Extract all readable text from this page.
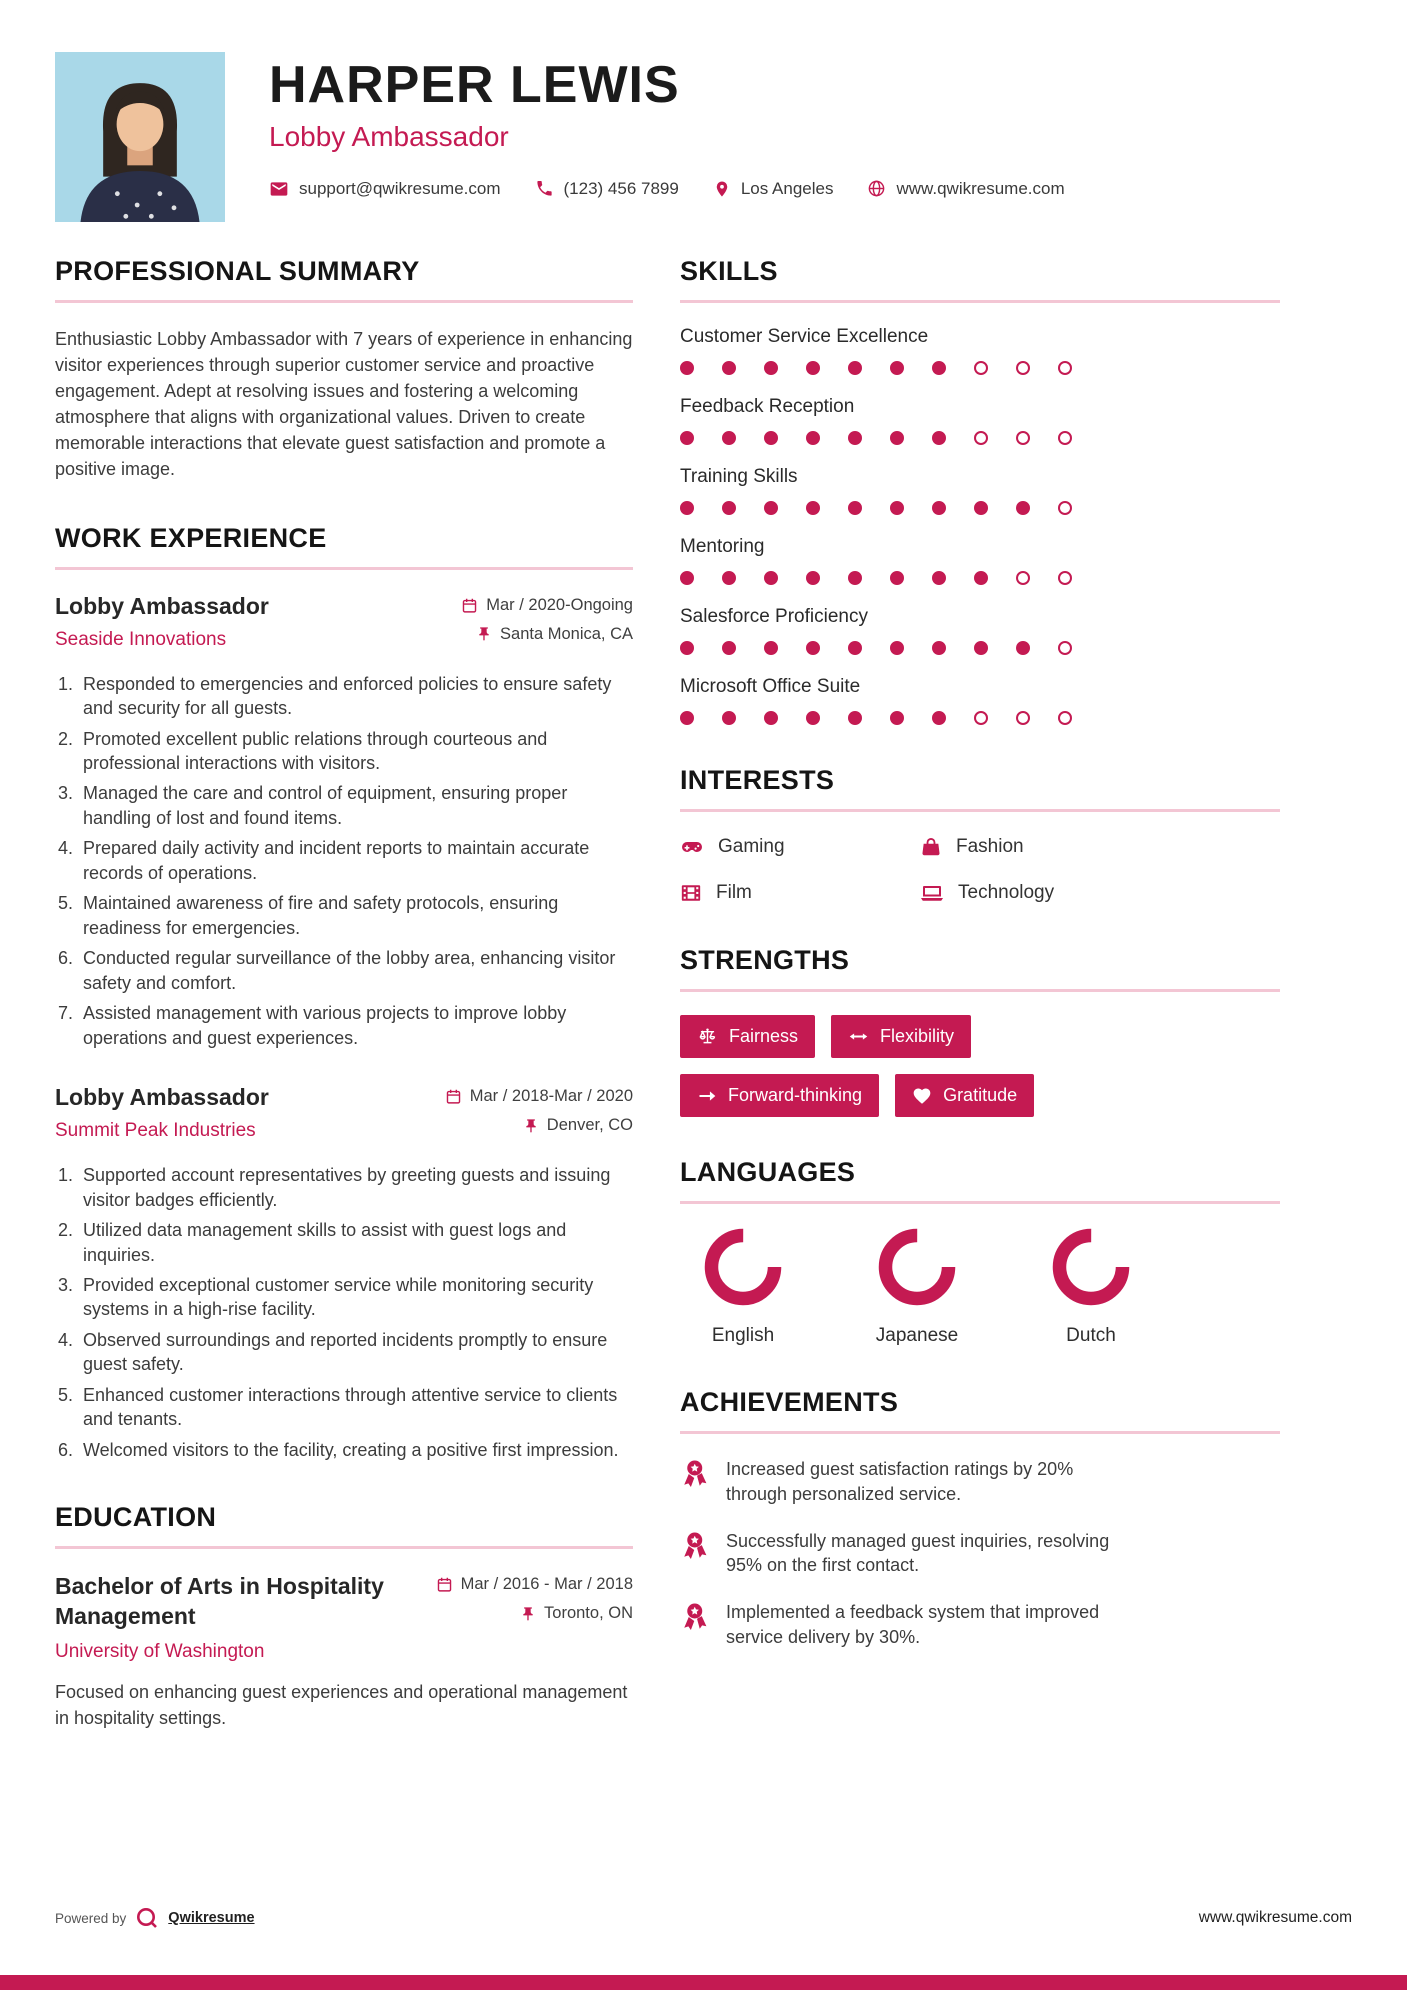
HARPER LEWIS
Lobby Ambassador
support@qwikresume.com	(123) 456 7899	Los Angeles	www.qwikresume.com
PROFESSIONAL SUMMARY

Enthusiastic Lobby Ambassador with 7 years of experience in enhancing visitor experiences through superior customer service and proactive engagement. Adept at resolving issues and fostering a welcoming atmosphere that aligns with organizational values. Driven to create memorable interactions that elevate guest satisfaction and promote a positive image.

WORK EXPERIENCE
Lobby Ambassador
Seaside Innovations
Mar / 2020-Ongoing
Santa Monica, CA
1. Responded to emergencies and enforced policies to ensure safety and security for all guests.
2. Promoted excellent public relations through courteous and professional interactions with visitors.
3. Managed the care and control of equipment, ensuring proper handling of lost and found items.
4. Prepared daily activity and incident reports to maintain accurate records of operations.
5. Maintained awareness of fire and safety protocols, ensuring readiness for emergencies.
6. Conducted regular surveillance of the lobby area, enhancing visitor safety and comfort.
7. Assisted management with various projects to improve lobby operations and guest experiences.
Lobby Ambassador
Summit Peak Industries
Mar / 2018-Mar / 2020
Denver, CO
1. Supported account representatives by greeting guests and issuing visitor badges efficiently.
2. Utilized data management skills to assist with guest logs and inquiries.
3. Provided exceptional customer service while monitoring security systems in a high-rise facility.
4. Observed surroundings and reported incidents promptly to ensure guest safety.
5. Enhanced customer interactions through attentive service to clients and tenants.
6. Welcomed visitors to the facility, creating a positive first impression.
EDUCATION
Bachelor of Arts in Hospitality Management
University of Washington
Mar / 2016 - Mar / 2018
Toronto, ON

Focused on enhancing guest experiences and operational management in hospitality settings.

SKILLS
Customer Service Excellence
Feedback Reception
Training Skills
Mentoring
Salesforce Proficiency
Microsoft Office Suite
INTERESTS
Gaming	Fashion
Film	Technology
STRENGTHS
Fairness	Flexibility
Forward-thinking	Gratitude
LANGUAGES
English	Japanese	Dutch
ACHIEVEMENTS
Increased guest satisfaction ratings by 20% through personalized service.
Successfully managed guest inquiries, resolving 95% on the first contact.
Implemented a feedback system that improved service delivery by 30%.
Powered by	Qwikresume	www.qwikresume.com
